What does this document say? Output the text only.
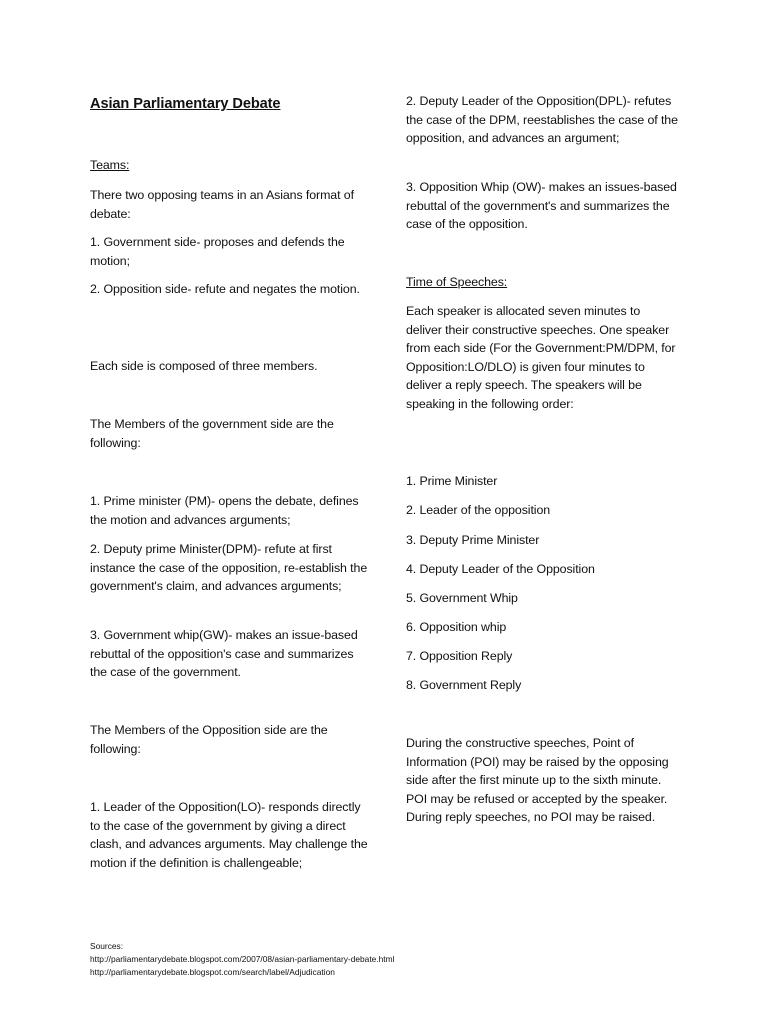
Asian Parliamentary Debate

Teams:

There two opposing teams in an Asians format of debate:

1. Government side- proposes and defends the motion;

2. Opposition side- refute and negates the motion.

Each side is composed of three members.

The Members of the government side are the following:

1. Prime minister (PM)- opens the debate, defines the motion and advances arguments;

2. Deputy prime Minister(DPM)- refute at first instance the case of the opposition, re-establish the government's claim, and advances arguments;

3. Government whip(GW)- makes an issue-based rebuttal of the opposition's case and summarizes the case of the government.

The Members of the Opposition side are the following:

1. Leader of the Opposition(LO)- responds directly to the case of the government by giving a direct clash, and advances arguments. May challenge the motion if the definition is challengeable;

2. Deputy Leader of the Opposition(DPL)- refutes the case of the DPM, reestablishes the case of the opposition, and advances an argument;

3. Opposition Whip (OW)- makes an issues-based rebuttal of the government's and summarizes the case of the opposition.

Time of Speeches:

Each speaker is allocated seven minutes to deliver their constructive speeches. One speaker from each side (For the Government:PM/DPM, for Opposition:LO/DLO) is given four minutes to deliver a reply speech. The speakers will be speaking in the following order:

1. Prime Minister

2. Leader of the opposition

3. Deputy Prime Minister

4. Deputy Leader of the Opposition

5. Government Whip

6. Opposition whip

7. Opposition Reply

8. Government Reply

During the constructive speeches, Point of Information (POI) may be raised by the opposing side after the first minute up to the sixth minute. POI may be refused or accepted by the speaker. During reply speeches, no POI may be raised.

Sources:
http://parliamentarydebate.blogspot.com/2007/08/asian-parliamentary-debate.html
http://parliamentarydebate.blogspot.com/search/label/Adjudication
